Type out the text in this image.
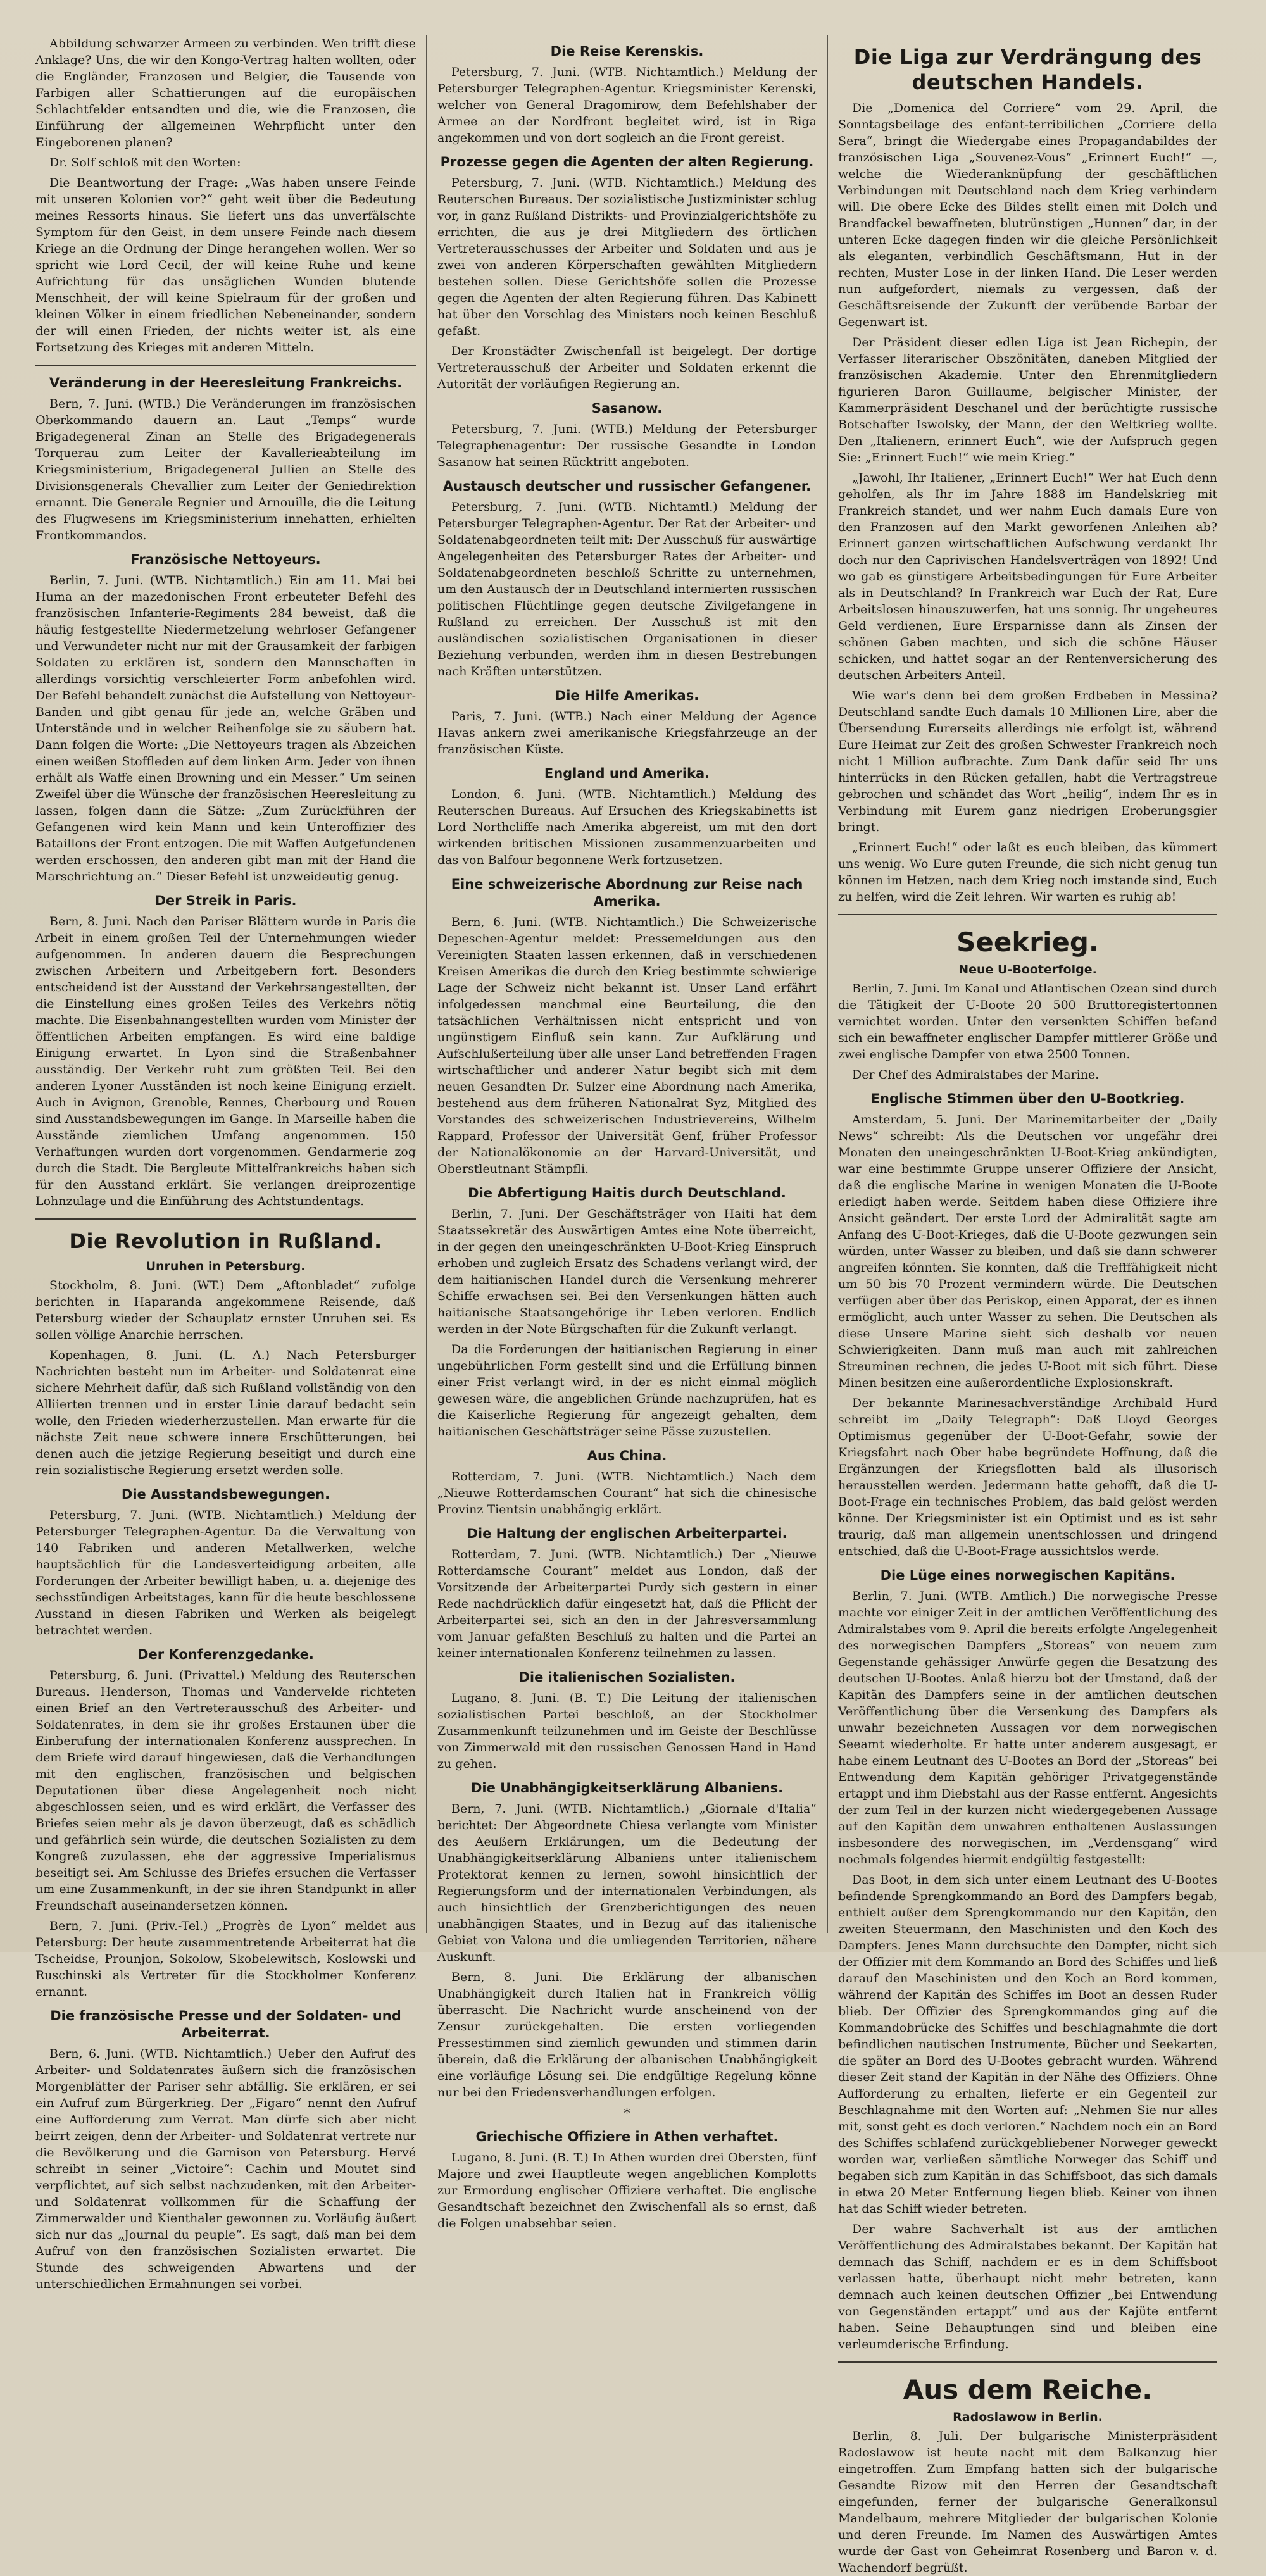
Abbildung schwarzer Armeen zu verbinden. Wen trifft diese Anklage? Uns, die wir den Kongo-Vertrag halten wollten, oder die Engländer, Franzosen und Belgier, die Tausende von Farbigen aller Schattierungen auf die europäischen Schlachtfelder entsandten und die, wie die Franzosen, die Einführung der allgemeinen Wehrpflicht unter den Eingeborenen planen?

Dr. Solf schloß mit den Worten:

Die Beantwortung der Frage: „Was haben unsere Feinde mit unseren Kolonien vor?“ geht weit über die Bedeutung meines Ressorts hinaus. Sie liefert uns das unverfälschte Symptom für den Geist, in dem unsere Feinde nach diesem Kriege an die Ordnung der Dinge herangehen wollen. Wer so spricht wie Lord Cecil, der will keine Ruhe und keine Aufrichtung für das unsäglichen Wunden blutende Menschheit, der will keine Spielraum für der großen und kleinen Völker in einem friedlichen Nebeneinander, sondern der will einen Frieden, der nichts weiter ist, als eine Fortsetzung des Krieges mit anderen Mitteln.

Veränderung in der Heeresleitung Frankreichs.

Bern, 7. Juni. (WTB.) Die Veränderungen im französischen Oberkommando dauern an. Laut „Temps“ wurde Brigadegeneral Zinan an Stelle des Brigadegenerals Torquerau zum Leiter der Kavallerieabteilung im Kriegsministerium, Brigadegeneral Jullien an Stelle des Divisionsgenerals Chevallier zum Leiter der Geniedirektion ernannt. Die Generale Regnier und Arnouille, die die Leitung des Flugwesens im Kriegsministerium innehatten, erhielten Frontkommandos.

Französische Nettoyeurs.

Berlin, 7. Juni. (WTB. Nichtamtlich.) Ein am 11. Mai bei Huma an der mazedonischen Front erbeuteter Befehl des französischen Infanterie-Regiments 284 beweist, daß die häufig festgestellte Niedermetzelung wehrloser Gefangener und Verwundeter nicht nur mit der Grausamkeit der farbigen Soldaten zu erklären ist, sondern den Mannschaften in allerdings vorsichtig verschleierter Form anbefohlen wird. Der Befehl behandelt zunächst die Aufstellung von Nettoyeur-Banden und gibt genau für jede an, welche Gräben und Unterstände und in welcher Reihenfolge sie zu säubern hat. Dann folgen die Worte: „Die Nettoyeurs tragen als Abzeichen einen weißen Stoffleden auf dem linken Arm. Jeder von ihnen erhält als Waffe einen Browning und ein Messer.“ Um seinen Zweifel über die Wünsche der französischen Heeresleitung zu lassen, folgen dann die Sätze: „Zum Zurückführen der Gefangenen wird kein Mann und kein Unteroffizier des Bataillons der Front entzogen. Die mit Waffen Aufgefundenen werden erschossen, den anderen gibt man mit der Hand die Marschrichtung an.“ Dieser Befehl ist unzweideutig genug.

Der Streik in Paris.

Bern, 8. Juni. Nach den Pariser Blättern wurde in Paris die Arbeit in einem großen Teil der Unternehmungen wieder aufgenommen. In anderen dauern die Besprechungen zwischen Arbeitern und Arbeitgebern fort. Besonders entscheidend ist der Ausstand der Verkehrsangestellten, der die Einstellung eines großen Teiles des Verkehrs nötig machte. Die Eisenbahnangestellten wurden vom Minister der öffentlichen Arbeiten empfangen. Es wird eine baldige Einigung erwartet. In Lyon sind die Straßenbahner ausständig. Der Verkehr ruht zum größten Teil. Bei den anderen Lyoner Ausständen ist noch keine Einigung erzielt. Auch in Avignon, Grenoble, Rennes, Cherbourg und Rouen sind Ausstandsbewegungen im Gange. In Marseille haben die Ausstände ziemlichen Umfang angenommen. 150 Verhaftungen wurden dort vorgenommen. Gendarmerie zog durch die Stadt. Die Bergleute Mittelfrankreichs haben sich für den Ausstand erklärt. Sie verlangen dreiprozentige Lohnzulage und die Einführung des Achtstundentags.

Die Revolution in Rußland.
Unruhen in Petersburg.

Stockholm, 8. Juni. (WT.) Dem „Aftonbladet“ zufolge berichten in Haparanda angekommene Reisende, daß Petersburg wieder der Schauplatz ernster Unruhen sei. Es sollen völlige Anarchie herrschen.

Kopenhagen, 8. Juni. (L. A.) Nach Petersburger Nachrichten besteht nun im Arbeiter- und Soldatenrat eine sichere Mehrheit dafür, daß sich Rußland vollständig von den Alliierten trennen und in erster Linie darauf bedacht sein wolle, den Frieden wiederherzustellen. Man erwarte für die nächste Zeit neue schwere innere Erschütterungen, bei denen auch die jetzige Regierung beseitigt und durch eine rein sozialistische Regierung ersetzt werden solle.

Die Ausstandsbewegungen.

Petersburg, 7. Juni. (WTB. Nichtamtlich.) Meldung der Petersburger Telegraphen-Agentur. Da die Verwaltung von 140 Fabriken und anderen Metallwerken, welche hauptsächlich für die Landesverteidigung arbeiten, alle Forderungen der Arbeiter bewilligt haben, u. a. diejenige des sechsstündigen Arbeitstages, kann für die heute beschlossene Ausstand in diesen Fabriken und Werken als beigelegt betrachtet werden.

Der Konferenzgedanke.

Petersburg, 6. Juni. (Privattel.) Meldung des Reuterschen Bureaus. Henderson, Thomas und Vandervelde richteten einen Brief an den Vertreterausschuß des Arbeiter- und Soldatenrates, in dem sie ihr großes Erstaunen über die Einberufung der internationalen Konferenz aussprechen. In dem Briefe wird darauf hingewiesen, daß die Verhandlungen mit den englischen, französischen und belgischen Deputationen über diese Angelegenheit noch nicht abgeschlossen seien, und es wird erklärt, die Verfasser des Briefes seien mehr als je davon überzeugt, daß es schädlich und gefährlich sein würde, die deutschen Sozialisten zu dem Kongreß zuzulassen, ehe der aggressive Imperialismus beseitigt sei. Am Schlusse des Briefes ersuchen die Verfasser um eine Zusammenkunft, in der sie ihren Standpunkt in aller Freundschaft auseinandersetzen können.

Bern, 7. Juni. (Priv.-Tel.) „Progrès de Lyon“ meldet aus Petersburg: Der heute zusammentretende Arbeiterrat hat die Tscheidse, Prounjon, Sokolow, Skobelewitsch, Koslowski und Ruschinski als Vertreter für die Stockholmer Konferenz ernannt.

Die französische Presse und der Soldaten- und Arbeiterrat.

Bern, 6. Juni. (WTB. Nichtamtlich.) Ueber den Aufruf des Arbeiter- und Soldatenrates äußern sich die französischen Morgenblätter der Pariser sehr abfällig. Sie erklären, er sei ein Aufruf zum Bürgerkrieg. Der „Figaro“ nennt den Aufruf eine Aufforderung zum Verrat. Man dürfe sich aber nicht beirrt zeigen, denn der Arbeiter- und Soldatenrat vertrete nur die Bevölkerung und die Garnison von Petersburg. Hervé schreibt in seiner „Victoire“: Cachin und Moutet sind verpflichtet, auf sich selbst nachzudenken, mit den Arbeiter- und Soldatenrat vollkommen für die Schaffung der Zimmerwalder und Kienthaler gewonnen zu. Vorläufig äußert sich nur das „Journal du peuple“. Es sagt, daß man bei dem Aufruf von den französischen Sozialisten erwartet. Die Stunde des schweigenden Abwartens und der unterschiedlichen Ermahnungen sei vorbei.

Die Reise Kerenskis.

Petersburg, 7. Juni. (WTB. Nichtamtlich.) Meldung der Petersburger Telegraphen-Agentur. Kriegsminister Kerenski, welcher von General Dragomirow, dem Befehlshaber der Armee an der Nordfront begleitet wird, ist in Riga angekommen und von dort sogleich an die Front gereist.

Prozesse gegen die Agenten der alten Regierung.

Petersburg, 7. Juni. (WTB. Nichtamtlich.) Meldung des Reuterschen Bureaus. Der sozialistische Justizminister schlug vor, in ganz Rußland Distrikts- und Provinzialgerichtshöfe zu errichten, die aus je drei Mitgliedern des örtlichen Vertreterausschusses der Arbeiter und Soldaten und aus je zwei von anderen Körperschaften gewählten Mitgliedern bestehen sollen. Diese Gerichtshöfe sollen die Prozesse gegen die Agenten der alten Regierung führen. Das Kabinett hat über den Vorschlag des Ministers noch keinen Beschluß gefaßt.

Der Kronstädter Zwischenfall ist beigelegt. Der dortige Vertreterausschuß der Arbeiter und Soldaten erkennt die Autorität der vorläufigen Regierung an.

Sasanow.

Petersburg, 7. Juni. (WTB.) Meldung der Petersburger Telegraphenagentur: Der russische Gesandte in London Sasanow hat seinen Rücktritt angeboten.

Austausch deutscher und russischer Gefangener.

Petersburg, 7. Juni. (WTB. Nichtamtl.) Meldung der Petersburger Telegraphen-Agentur. Der Rat der Arbeiter- und Soldatenabgeordneten teilt mit: Der Ausschuß für auswärtige Angelegenheiten des Petersburger Rates der Arbeiter- und Soldatenabgeordneten beschloß Schritte zu unternehmen, um den Austausch der in Deutschland internierten russischen politischen Flüchtlinge gegen deutsche Zivilgefangene in Rußland zu erreichen. Der Ausschuß ist mit den ausländischen sozialistischen Organisationen in dieser Beziehung verbunden, werden ihm in diesen Bestrebungen nach Kräften unterstützen.

Die Hilfe Amerikas.

Paris, 7. Juni. (WTB.) Nach einer Meldung der Agence Havas ankern zwei amerikanische Kriegsfahrzeuge an der französischen Küste.

England und Amerika.

London, 6. Juni. (WTB. Nichtamtlich.) Meldung des Reuterschen Bureaus. Auf Ersuchen des Kriegskabinetts ist Lord Northcliffe nach Amerika abgereist, um mit den dort wirkenden britischen Missionen zusammenzuarbeiten und das von Balfour begonnene Werk fortzusetzen.

Eine schweizerische Abordnung zur Reise nach Amerika.

Bern, 6. Juni. (WTB. Nichtamtlich.) Die Schweizerische Depeschen-Agentur meldet: Pressemeldungen aus den Vereinigten Staaten lassen erkennen, daß in verschiedenen Kreisen Amerikas die durch den Krieg bestimmte schwierige Lage der Schweiz nicht bekannt ist. Unser Land erfährt infolgedessen manchmal eine Beurteilung, die den tatsächlichen Verhältnissen nicht entspricht und von ungünstigem Einfluß sein kann. Zur Aufklärung und Aufschlußerteilung über alle unser Land betreffenden Fragen wirtschaftlicher und anderer Natur begibt sich mit dem neuen Gesandten Dr. Sulzer eine Abordnung nach Amerika, bestehend aus dem früheren Nationalrat Syz, Mitglied des Vorstandes des schweizerischen Industrievereins, Wilhelm Rappard, Professor der Universität Genf, früher Professor der Nationalökonomie an der Harvard-Universität, und Oberstleutnant Stämpfli.

Die Abfertigung Haitis durch Deutschland.

Berlin, 7. Juni. Der Geschäftsträger von Haiti hat dem Staatssekretär des Auswärtigen Amtes eine Note überreicht, in der gegen den uneingeschränkten U-Boot-Krieg Einspruch erhoben und zugleich Ersatz des Schadens verlangt wird, der dem haitianischen Handel durch die Versenkung mehrerer Schiffe erwachsen sei. Bei den Versenkungen hätten auch haitianische Staatsangehörige ihr Leben verloren. Endlich werden in der Note Bürgschaften für die Zukunft verlangt.

Da die Forderungen der haitianischen Regierung in einer ungebührlichen Form gestellt sind und die Erfüllung binnen einer Frist verlangt wird, in der es nicht einmal möglich gewesen wäre, die angeblichen Gründe nachzuprüfen, hat es die Kaiserliche Regierung für angezeigt gehalten, dem haitianischen Geschäftsträger seine Pässe zuzustellen.

Aus China.

Rotterdam, 7. Juni. (WTB. Nichtamtlich.) Nach dem „Nieuwe Rotterdamschen Courant“ hat sich die chinesische Provinz Tientsin unabhängig erklärt.

Die Haltung der englischen Arbeiterpartei.

Rotterdam, 7. Juni. (WTB. Nichtamtlich.) Der „Nieuwe Rotterdamsche Courant“ meldet aus London, daß der Vorsitzende der Arbeiterpartei Purdy sich gestern in einer Rede nachdrücklich dafür eingesetzt hat, daß die Pflicht der Arbeiterpartei sei, sich an den in der Jahresversammlung vom Januar gefaßten Beschluß zu halten und die Partei an keiner internationalen Konferenz teilnehmen zu lassen.

Die italienischen Sozialisten.

Lugano, 8. Juni. (B. T.) Die Leitung der italienischen sozialistischen Partei beschloß, an der Stockholmer Zusammenkunft teilzunehmen und im Geiste der Beschlüsse von Zimmerwald mit den russischen Genossen Hand in Hand zu gehen.

Die Unabhängigkeitserklärung Albaniens.

Bern, 7. Juni. (WTB. Nichtamtlich.) „Giornale d'Italia“ berichtet: Der Abgeordnete Chiesa verlangte vom Minister des Aeußern Erklärungen, um die Bedeutung der Unabhängigkeitserklärung Albaniens unter italienischem Protektorat kennen zu lernen, sowohl hinsichtlich der Regierungsform und der internationalen Verbindungen, als auch hinsichtlich der Grenzberichtigungen des neuen unabhängigen Staates, und in Bezug auf das italienische Gebiet von Valona und die umliegenden Territorien, nähere Auskunft.

Bern, 8. Juni. Die Erklärung der albanischen Unabhängigkeit durch Italien hat in Frankreich völlig überrascht. Die Nachricht wurde anscheinend von der Zensur zurückgehalten. Die ersten vorliegenden Pressestimmen sind ziemlich gewunden und stimmen darin überein, daß die Erklärung der albanischen Unabhängigkeit eine vorläufige Lösung sei. Die endgültige Regelung könne nur bei den Friedensverhandlungen erfolgen.

*
Griechische Offiziere in Athen verhaftet.

Lugano, 8. Juni. (B. T.) In Athen wurden drei Obersten, fünf Majore und zwei Hauptleute wegen angeblichen Komplotts zur Ermordung englischer Offiziere verhaftet. Die englische Gesandtschaft bezeichnet den Zwischenfall als so ernst, daß die Folgen unabsehbar seien.

Die Liga zur Verdrängung des deutschen Handels.

Die „Domenica del Corriere“ vom 29. April, die Sonntagsbeilage des enfant-terribilichen „Corriere della Sera“, bringt die Wiedergabe eines Propagandabildes der französischen Liga „Souvenez-Vous“ „Erinnert Euch!“ —, welche die Wiederanknüpfung der geschäftlichen Verbindungen mit Deutschland nach dem Krieg verhindern will. Die obere Ecke des Bildes stellt einen mit Dolch und Brandfackel bewaffneten, blutrünstigen „Hunnen“ dar, in der unteren Ecke dagegen finden wir die gleiche Persönlichkeit als eleganten, verbindlich Geschäftsmann, Hut in der rechten, Muster Lose in der linken Hand. Die Leser werden nun aufgefordert, niemals zu vergessen, daß der Geschäftsreisende der Zukunft der verübende Barbar der Gegenwart ist.

Der Präsident dieser edlen Liga ist Jean Richepin, der Verfasser literarischer Obszönitäten, daneben Mitglied der französischen Akademie. Unter den Ehrenmitgliedern figurieren Baron Guillaume, belgischer Minister, der Kammerpräsident Deschanel und der berüchtigte russische Botschafter Iswolsky, der Mann, der den Weltkrieg wollte. Den „Italienern, erinnert Euch“, wie der Aufspruch gegen Sie: „Erinnert Euch!“ wie mein Krieg.“

„Jawohl, Ihr Italiener, „Erinnert Euch!“ Wer hat Euch denn geholfen, als Ihr im Jahre 1888 im Handelskrieg mit Frankreich standet, und wer nahm Euch damals Eure von den Franzosen auf den Markt geworfenen Anleihen ab? Erinnert ganzen wirtschaftlichen Aufschwung verdankt Ihr doch nur den Caprivischen Handelsverträgen von 1892! Und wo gab es günstigere Arbeitsbedingungen für Eure Arbeiter als in Deutschland? In Frankreich war Euch der Rat, Eure Arbeitslosen hinauszuwerfen, hat uns sonnig. Ihr ungeheures Geld verdienen, Eure Ersparnisse dann als Zinsen der schönen Gaben machten, und sich die schöne Häuser schicken, und hattet sogar an der Rentenversicherung des deutschen Arbeiters Anteil.

Wie war's denn bei dem großen Erdbeben in Messina? Deutschland sandte Euch damals 10 Millionen Lire, aber die Übersendung Eurerseits allerdings nie erfolgt ist, während Eure Heimat zur Zeit des großen Schwester Frankreich noch nicht 1 Million aufbrachte. Zum Dank dafür seid Ihr uns hinterrücks in den Rücken gefallen, habt die Vertragstreue gebrochen und schändet das Wort „heilig“, indem Ihr es in Verbindung mit Eurem ganz niedrigen Eroberungsgier bringt.

„Erinnert Euch!“ oder laßt es euch bleiben, das kümmert uns wenig. Wo Eure guten Freunde, die sich nicht genug tun können im Hetzen, nach dem Krieg noch imstande sind, Euch zu helfen, wird die Zeit lehren. Wir warten es ruhig ab!

Seekrieg.
Neue U-Booterfolge.

Berlin, 7. Juni. Im Kanal und Atlantischen Ozean sind durch die Tätigkeit der U-Boote 20 500 Bruttoregistertonnen vernichtet worden. Unter den versenkten Schiffen befand sich ein bewaffneter englischer Dampfer mittlerer Größe und zwei englische Dampfer von etwa 2500 Tonnen.

Der Chef des Admiralstabes der Marine.

Englische Stimmen über den U-Bootkrieg.

Amsterdam, 5. Juni. Der Marinemitarbeiter der „Daily News“ schreibt: Als die Deutschen vor ungefähr drei Monaten den uneingeschränkten U-Boot-Krieg ankündigten, war eine bestimmte Gruppe unserer Offiziere der Ansicht, daß die englische Marine in wenigen Monaten die U-Boote erledigt haben werde. Seitdem haben diese Offiziere ihre Ansicht geändert. Der erste Lord der Admiralität sagte am Anfang des U-Boot-Krieges, daß die U-Boote gezwungen sein würden, unter Wasser zu bleiben, und daß sie dann schwerer angreifen könnten. Sie konnten, daß die Trefffähigkeit nicht um 50 bis 70 Prozent vermindern würde. Die Deutschen verfügen aber über das Periskop, einen Apparat, der es ihnen ermöglicht, auch unter Wasser zu sehen. Die Deutschen als diese Unsere Marine sieht sich deshalb vor neuen Schwierigkeiten. Dann muß man auch mit zahlreichen Streuminen rechnen, die jedes U-Boot mit sich führt. Diese Minen besitzen eine außerordentliche Explosionskraft.

Der bekannte Marinesachverständige Archibald Hurd schreibt im „Daily Telegraph“: Daß Lloyd Georges Optimismus gegenüber der U-Boot-Gefahr, sowie der Kriegsfahrt nach Ober habe begründete Hoffnung, daß die Ergänzungen der Kriegsflotten bald als illusorisch herausstellen werden. Jedermann hatte gehofft, daß die U-Boot-Frage ein technisches Problem, das bald gelöst werden könne. Der Kriegsminister ist ein Optimist und es ist sehr traurig, daß man allgemein unentschlossen und dringend entschied, daß die U-Boot-Frage aussichtslos werde.

Die Lüge eines norwegischen Kapitäns.

Berlin, 7. Juni. (WTB. Amtlich.) Die norwegische Presse machte vor einiger Zeit in der amtlichen Veröffentlichung des Admiralstabes vom 9. April die bereits erfolgte Angelegenheit des norwegischen Dampfers „Storeas“ von neuem zum Gegenstande gehässiger Anwürfe gegen die Besatzung des deutschen U-Bootes. Anlaß hierzu bot der Umstand, daß der Kapitän des Dampfers seine in der amtlichen deutschen Veröffentlichung über die Versenkung des Dampfers als unwahr bezeichneten Aussagen vor dem norwegischen Seeamt wiederholte. Er hatte unter anderem ausgesagt, er habe einem Leutnant des U-Bootes an Bord der „Storeas“ bei Entwendung dem Kapitän gehöriger Privatgegenstände ertappt und ihm Diebstahl aus der Rasse entfernt. Angesichts der zum Teil in der kurzen nicht wiedergegebenen Aussage auf den Kapitän dem unwahren enthaltenen Auslassungen insbesondere des norwegischen, im „Verdensgang“ wird nochmals folgendes hiermit endgültig festgestellt:

Das Boot, in dem sich unter einem Leutnant des U-Bootes befindende Sprengkommando an Bord des Dampfers begab, enthielt außer dem Sprengkommando nur den Kapitän, den zweiten Steuermann, den Maschinisten und den Koch des Dampfers. Jenes Mann durchsuchte den Dampfer, nicht sich der Offizier mit dem Kommando an Bord des Schiffes und ließ darauf den Maschinisten und den Koch an Bord kommen, während der Kapitän des Schiffes im Boot an dessen Ruder blieb. Der Offizier des Sprengkommandos ging auf die Kommandobrücke des Schiffes und beschlagnahmte die dort befindlichen nautischen Instrumente, Bücher und Seekarten, die später an Bord des U-Bootes gebracht wurden. Während dieser Zeit stand der Kapitän in der Nähe des Offiziers. Ohne Aufforderung zu erhalten, lieferte er ein Gegenteil zur Beschlagnahme mit den Worten auf: „Nehmen Sie nur alles mit, sonst geht es doch verloren.“ Nachdem noch ein an Bord des Schiffes schlafend zurückgebliebener Norweger geweckt worden war, verließen sämtliche Norweger das Schiff und begaben sich zum Kapitän in das Schiffsboot, das sich damals in etwa 20 Meter Entfernung liegen blieb. Keiner von ihnen hat das Schiff wieder betreten.

Der wahre Sachverhalt ist aus der amtlichen Veröffentlichung des Admiralstabes bekannt. Der Kapitän hat demnach das Schiff, nachdem er es in dem Schiffsboot verlassen hatte, überhaupt nicht mehr betreten, kann demnach auch keinen deutschen Offizier „bei Entwendung von Gegenständen ertappt“ und aus der Kajüte entfernt haben. Seine Behauptungen sind und bleiben eine verleumderische Erfindung.

Aus dem Reiche.
Radoslawow in Berlin.

Berlin, 8. Juli. Der bulgarische Ministerpräsident Radoslawow ist heute nacht mit dem Balkanzug hier eingetroffen. Zum Empfang hatten sich der bulgarische Gesandte Rizow mit den Herren der Gesandtschaft eingefunden, ferner der bulgarische Generalkonsul Mandelbaum, mehrere Mitglieder der bulgarischen Kolonie und deren Freunde. Im Namen des Auswärtigen Amtes wurde der Gast von Geheimrat Rosenberg und Baron v. d. Wachendorf begrüßt.
